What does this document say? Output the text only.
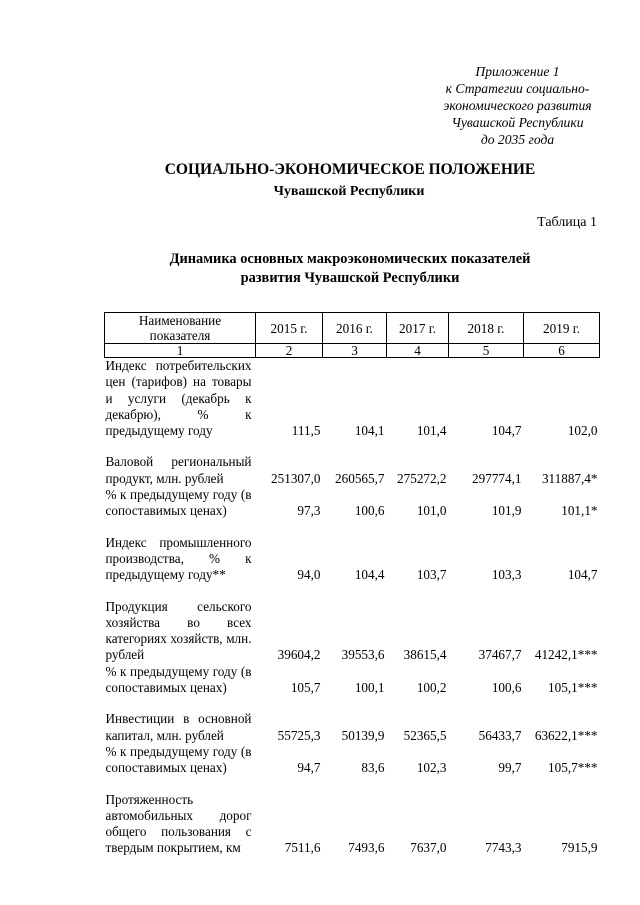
Приложение 1
к Стратегии социально-
экономического развития
Чувашской Республики
до 2035 года
СОЦИАЛЬНО-ЭКОНОМИЧЕСКОЕ ПОЛОЖЕНИЕ
Чувашской Республики
Таблица 1
Динамика основных макроэкономических показателей
развития Чувашской Республики
Наименование показателя	2015 г.	2016 г.	2017 г.	2018 г.	2019 г.
1	2	3	4	5	6
Индекс потребительских цен (тарифов) на товары и услуги (декабрь к декабрю), % к предыдущему году	111,5	104,1	101,4	104,7	102,0

Валовой региональный продукт, млн. рублей	251307,0	260565,7	275272,2	297774,1	311887,4*
% к предыдущему году (в сопоставимых ценах)	97,3	100,6	101,0	101,9	101,1*

Индекс промышленного производства, % к предыдущему году**	94,0	104,4	103,7	103,3	104,7

Продукция сельского хозяйства во всех категориях хозяйств, млн. рублей	39604,2	39553,6	38615,4	37467,7	41242,1***
% к предыдущему году (в сопоставимых ценах)	105,7	100,1	100,2	100,6	105,1***

Инвестиции в основной капитал, млн. рублей	55725,3	50139,9	52365,5	56433,7	63622,1***
% к предыдущему году (в сопоставимых ценах)	94,7	83,6	102,3	99,7	105,7***

Протяженность автомобильных дорог общего пользования с твердым покрытием, км	7511,6	7493,6	7637,0	7743,3	7915,9
